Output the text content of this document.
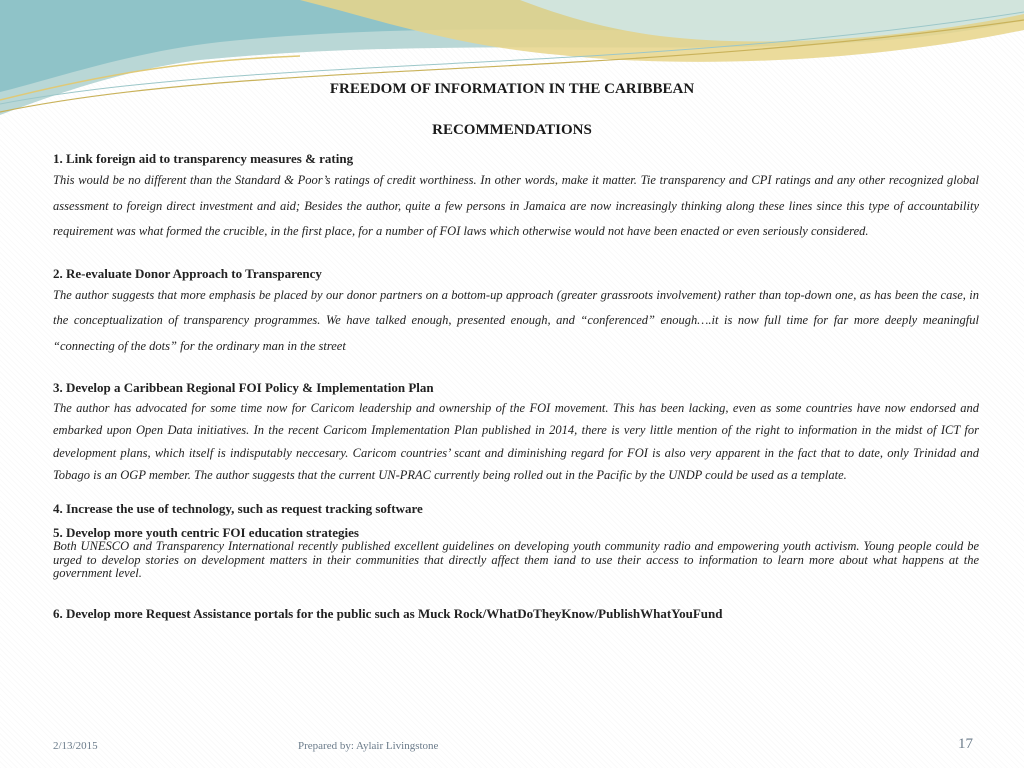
FREEDOM OF INFORMATION IN THE CARIBBEAN
RECOMMENDATIONS
1. Link foreign aid to transparency measures & rating

This would be no different than the Standard & Poor’s ratings of credit worthiness. In other words, make it matter. Tie transparency and CPI ratings and any other recognized global assessment to foreign direct investment and aid; Besides the author, quite a few persons in Jamaica are now increasingly thinking along these lines since this type of accountability requirement was what formed the crucible, in the first place, for a number of FOI laws which otherwise would not have been enacted or even seriously considered.

2. Re-evaluate Donor Approach to Transparency

The author suggests that more emphasis be placed by our donor partners on a bottom-up approach (greater grassroots involvement) rather than top-down one, as has been the case, in the conceptualization of transparency programmes. We have talked enough, presented enough, and “conferenced” enough….it is now full time for far more deeply meaningful “connecting of the dots” for the ordinary man in the street

3. Develop a Caribbean Regional FOI Policy & Implementation Plan

The author has advocated for some time now for Caricom leadership and ownership of the FOI movement. This has been lacking, even as some countries have now endorsed and embarked upon Open Data initiatives. In the recent Caricom Implementation Plan published in 2014, there is very little mention of the right to information in the midst of ICT for development plans, which itself is indisputably neccesary. Caricom countries’ scant and diminishing regard for FOI is also very apparent in the fact that to date, only Trinidad and Tobago is an OGP member. The author suggests that the current UN-PRAC currently being rolled out in the Pacific by the UNDP could be used as a template.

4. Increase the use of technology, such as request tracking software
5. Develop more youth centric FOI education strategies

Both UNESCO and Transparency International recently published excellent guidelines on developing youth community radio and empowering youth activism. Young people could be urged to develop stories on development matters in their communities that directly affect them iand to use their access to information to learn more about what happens at the government level.

6. Develop more Request Assistance portals for the public such as Muck Rock/WhatDoTheyKnow/PublishWhatYouFund
2/13/2015	Prepared by: Aylair Livingstone	17
